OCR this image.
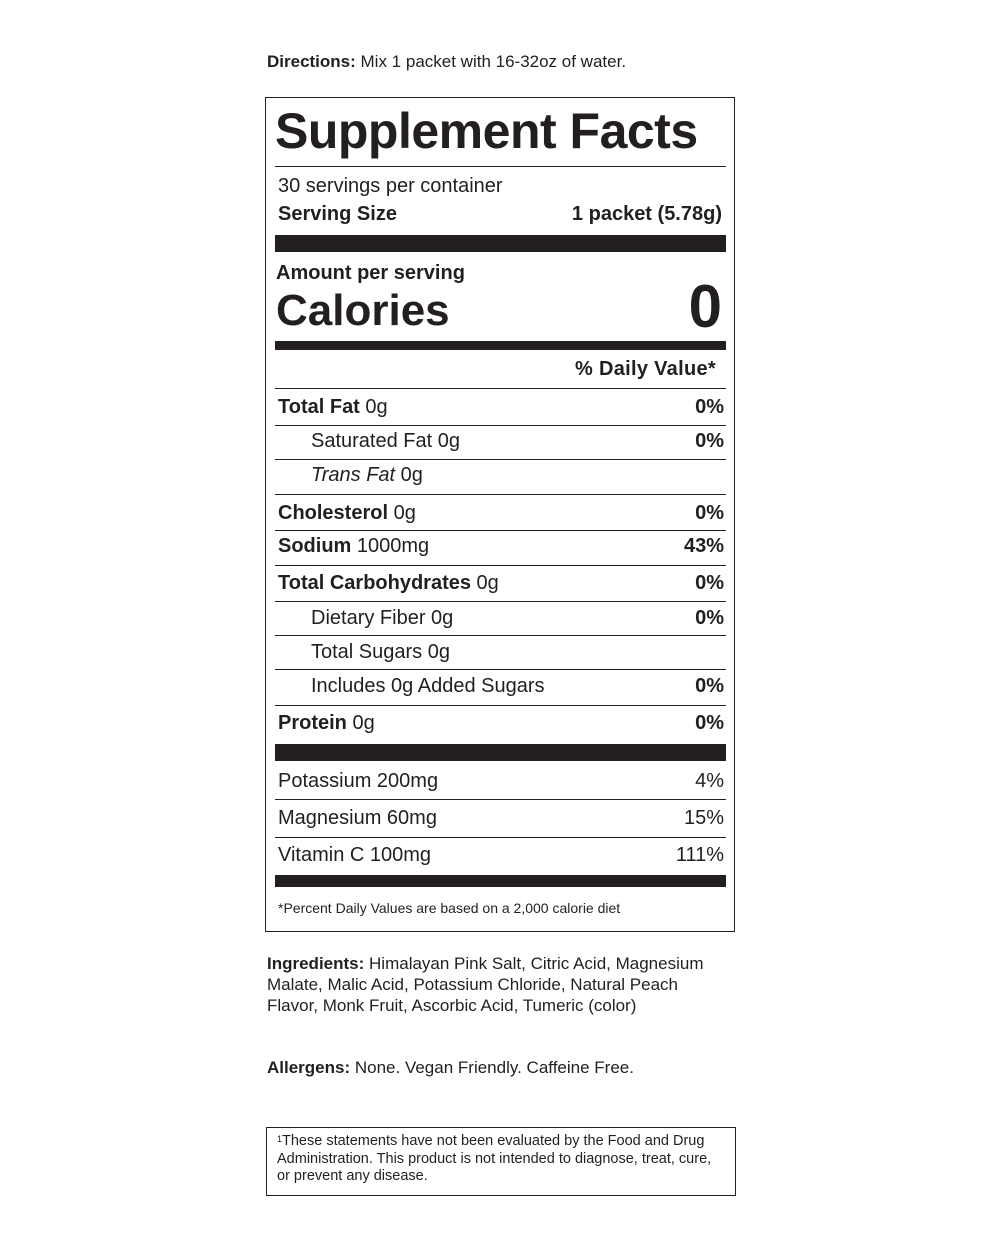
Directions: Mix 1 packet with 16-32oz of water.
Supplement Facts
30 servings per container
Serving Size	1 packet (5.78g)
Amount per serving
Calories	0
% Daily Value*
Total Fat 0g	0%
Saturated Fat 0g	0%
Trans Fat 0g
Cholesterol 0g	0%
Sodium 1000mg	43%
Total Carbohydrates 0g	0%
Dietary Fiber 0g	0%
Total Sugars 0g
Includes 0g Added Sugars	0%
Protein 0g	0%
Potassium 200mg	4%
Magnesium 60mg	15%
Vitamin C 100mg	111%
*Percent Daily Values are based on a 2,000 calorie diet
Ingredients: Himalayan Pink Salt, Citric Acid, Magnesium Malate, Malic Acid, Potassium Chloride, Natural Peach Flavor, Monk Fruit, Ascorbic Acid, Tumeric (color)
Allergens: None. Vegan Friendly. Caffeine Free.
$^1$These statements have not been evaluated by the Food and Drug Administration. This product is not intended to diagnose, treat, cure, or prevent any disease.
